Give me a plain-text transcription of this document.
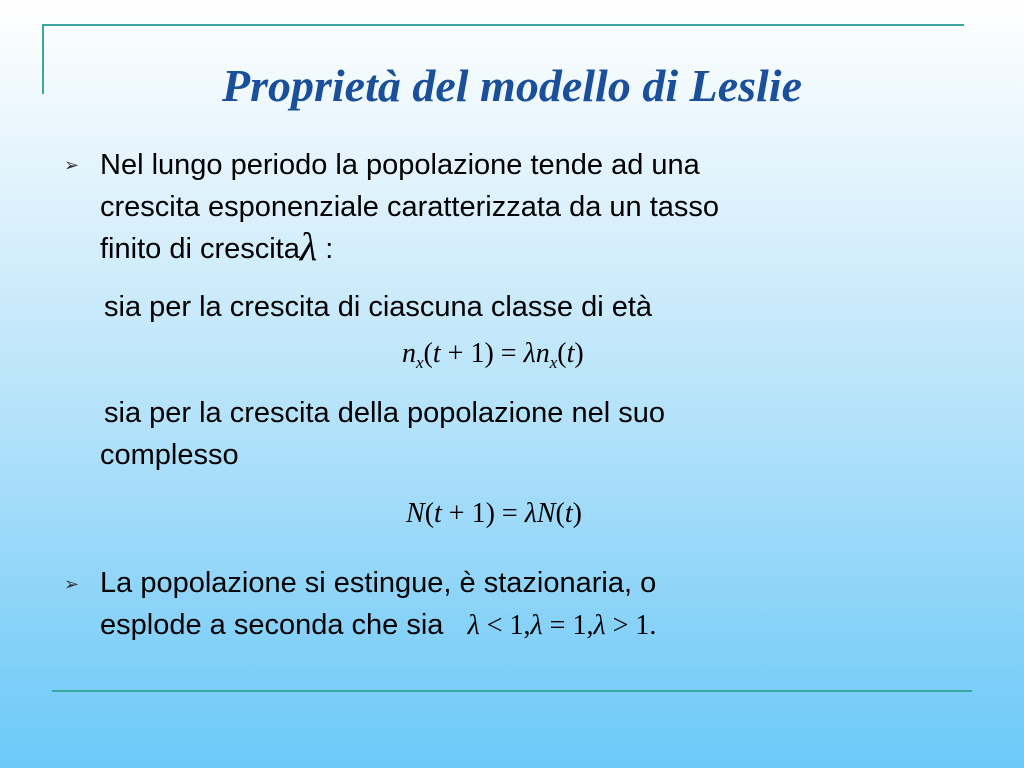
Proprietà del modello di Leslie
➢ Nel lungo periodo la popolazione tende ad una
crescita esponenziale caratterizzata da un tasso
finito di crescitaλ :
sia per la crescita di ciascuna classe di età
$n_x(t + 1) = \lambda n_x(t)$
sia per la crescita della popolazione nel suo
complesso
N(t + 1) = λN(t)
➢ La popolazione si estingue, è stazionaria, o
esplode a seconda che sia λ < 1,λ = 1,λ > 1.
